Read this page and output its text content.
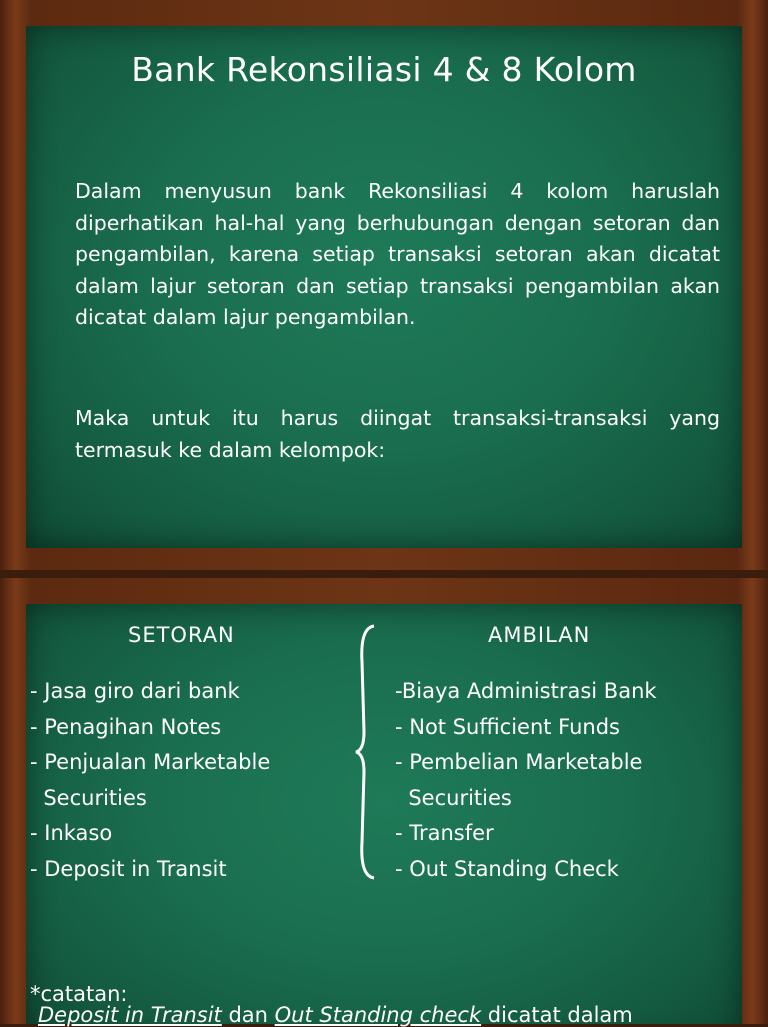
Bank Rekonsiliasi 4 & 8 Kolom
Dalam menyusun bank Rekonsiliasi 4 kolom haruslah diperhatikan hal-hal yang berhubungan dengan setoran dan pengambilan, karena setiap transaksi setoran akan dicatat dalam lajur setoran dan setiap transaksi pengambilan akan dicatat dalam lajur pengambilan.
Maka untuk itu harus diingat transaksi-transaksi yang termasuk ke dalam kelompok:
SETORAN	AMBILAN
- Jasa giro dari bank
- Penagihan Notes
- Penjualan Marketable
Securities
- Inkaso
- Deposit in Transit
-Biaya Administrasi Bank
- Not Sufficient Funds
- Pembelian Marketable
Securities
- Transfer
- Out Standing Check
*catatan:
Deposit in Transit dan Out Standing check dicatat dalam
